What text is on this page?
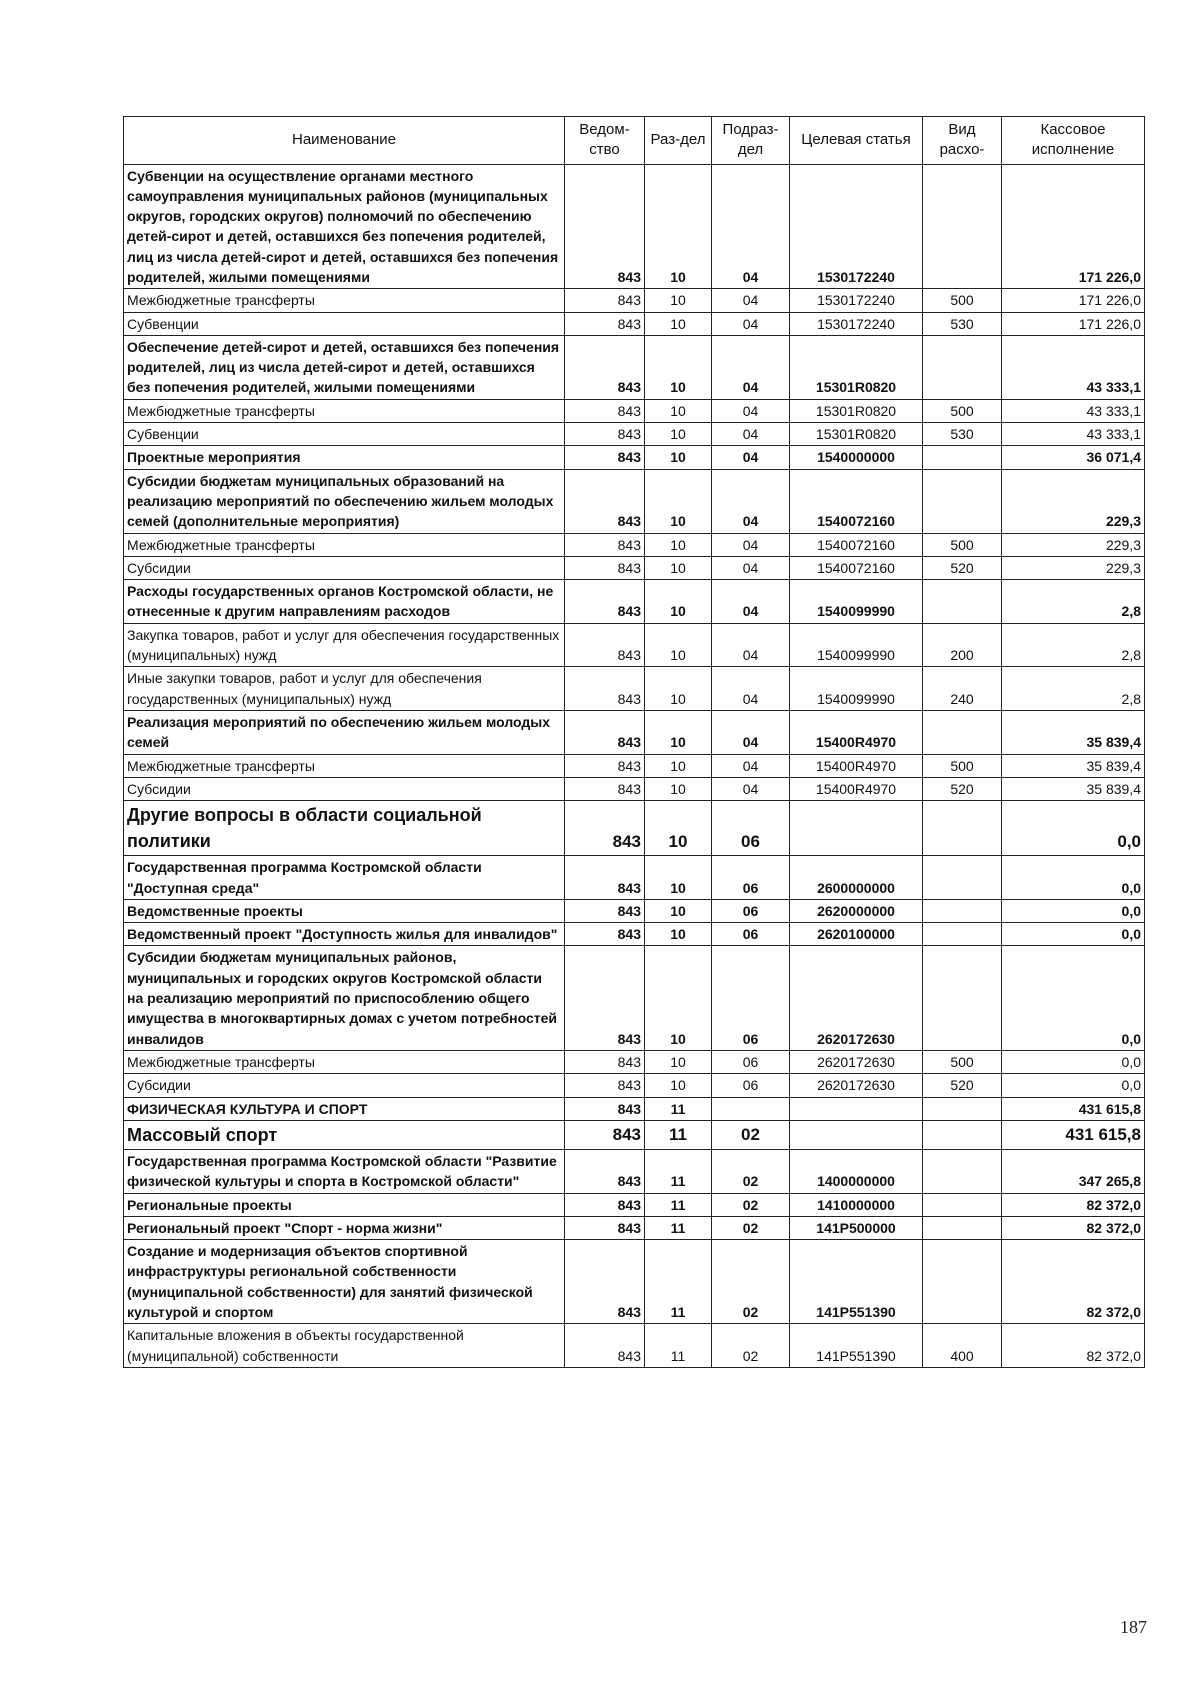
Наименование	Ведом-ство	Раз-дел	Подраз-дел	Целевая статья	Вид расхо-	Кассовое исполнение
Субвенции на осуществление органами местного самоуправления муниципальных районов (муниципальных округов, городских округов) полномочий по обеспечению детей-сирот и детей, оставшихся без попечения родителей, лиц из числа детей-сирот и детей, оставшихся без попечения родителей, жилыми помещениями	843	10	04	1530172240		171 226,0
Межбюджетные трансферты	843	10	04	1530172240	500	171 226,0
Субвенции	843	10	04	1530172240	530	171 226,0
Обеспечение детей-сирот и детей, оставшихся без попечения родителей, лиц из числа детей-сирот и детей, оставшихся без попечения родителей, жилыми помещениями	843	10	04	15301R0820		43 333,1
Межбюджетные трансферты	843	10	04	15301R0820	500	43 333,1
Субвенции	843	10	04	15301R0820	530	43 333,1
Проектные мероприятия	843	10	04	1540000000		36 071,4
Субсидии бюджетам муниципальных образований на реализацию мероприятий по обеспечению жильем молодых семей (дополнительные мероприятия)	843	10	04	1540072160		229,3
Межбюджетные трансферты	843	10	04	1540072160	500	229,3
Субсидии	843	10	04	1540072160	520	229,3
Расходы государственных органов Костромской области, не отнесенные к другим направлениям расходов	843	10	04	1540099990		2,8
Закупка товаров, работ и услуг для обеспечения государственных (муниципальных) нужд	843	10	04	1540099990	200	2,8
Иные закупки товаров, работ и услуг для обеспечения государственных (муниципальных) нужд	843	10	04	1540099990	240	2,8
Реализация мероприятий по обеспечению жильем молодых семей	843	10	04	15400R4970		35 839,4
Межбюджетные трансферты	843	10	04	15400R4970	500	35 839,4
Субсидии	843	10	04	15400R4970	520	35 839,4
Другие вопросы в области социальной политики	843	10	06			0,0
Государственная программа Костромской области "Доступная среда"	843	10	06	2600000000		0,0
Ведомственные проекты	843	10	06	2620000000		0,0
Ведомственный проект "Доступность жилья для инвалидов"	843	10	06	2620100000		0,0
Субсидии бюджетам муниципальных районов, муниципальных и городских округов Костромской области на реализацию мероприятий по приспособлению общего имущества в многоквартирных домах с учетом потребностей инвалидов	843	10	06	2620172630		0,0
Межбюджетные трансферты	843	10	06	2620172630	500	0,0
Субсидии	843	10	06	2620172630	520	0,0
ФИЗИЧЕСКАЯ КУЛЬТУРА И СПОРТ	843	11				431 615,8
Массовый спорт	843	11	02			431 615,8
Государственная программа Костромской области "Развитие физической культуры и спорта в Костромской области"	843	11	02	1400000000		347 265,8
Региональные проекты	843	11	02	1410000000		82 372,0
Региональный проект "Спорт - норма жизни"	843	11	02	141P500000		82 372,0
Создание и модернизация объектов спортивной инфраструктуры региональной собственности (муниципальной собственности) для занятий физической культурой и спортом	843	11	02	141P551390		82 372,0
Капитальные вложения в объекты государственной (муниципальной) собственности	843	11	02	141P551390	400	82 372,0
187
